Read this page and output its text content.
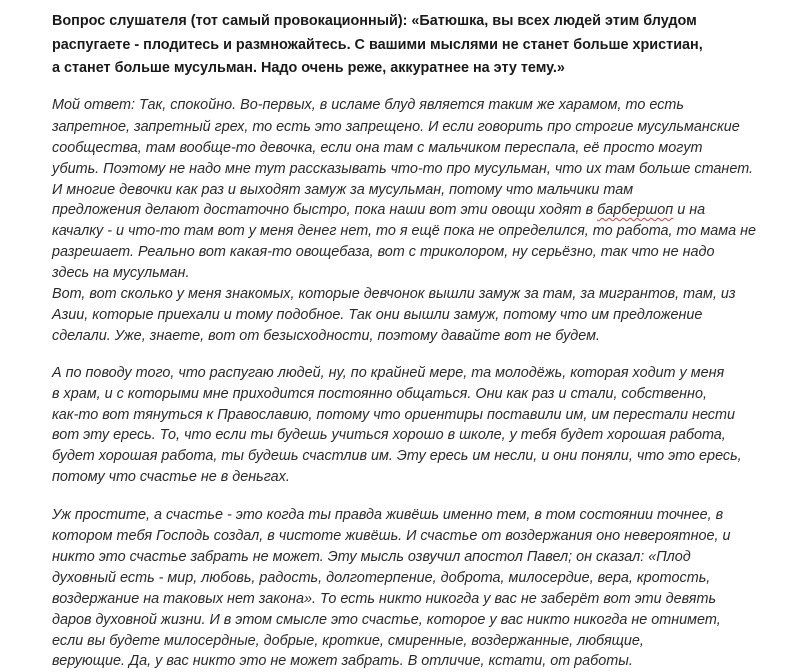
Вопрос слушателя (тот самый провокационный): «Батюшка, вы всех людей этим блудом

распугаете - плодитесь и размножайтесь. С вашими мыслями не станет больше христиан,

а станет больше мусульман. Надо очень реже, аккуратнее на эту тему.»

Мой ответ: Так, спокойно. Во-первых, в исламе блуд является таким же харамом, то есть

запретное, запретный грех, то есть это запрещено. И если говорить про строгие мусульманские

сообщества, там вообще-то девочка, если она там с мальчиком переспала, её просто могут

убить. Поэтому не надо мне тут рассказывать что-то про мусульман, что их там больше станет.

И многие девочки как раз и выходят замуж за мусульман, потому что мальчики там

предложения делают достаточно быстро, пока наши вот эти овощи ходят в барбершоп и на

качалку - и что-то там вот у меня денег нет, то я ещё пока не определился, то работа, то мама не

разрешает. Реально вот какая-то овощебаза, вот с триколором, ну серьёзно, так что не надо

здесь на мусульман.

Вот, вот сколько у меня знакомых, которые девчонок вышли замуж за там, за мигрантов, там, из

Азии, которые приехали и тому подобное. Так они вышли замуж, потому что им предложение

сделали. Уже, знаете, вот от безысходности, поэтому давайте вот не будем.

А по поводу того, что распугаю людей, ну, по крайней мере, та молодёжь, которая ходит у меня

в храм, и с которыми мне приходится постоянно общаться. Они как раз и стали, собственно,

как-то вот тянуться к Православию, потому что ориентиры поставили им, им перестали нести

вот эту ересь. То, что если ты будешь учиться хорошо в школе, у тебя будет хорошая работа,

будет хорошая работа, ты будешь счастлив им. Эту ересь им несли, и они поняли, что это ересь,

потому что счастье не в деньгах.

Уж простите, а счастье - это когда ты правда живёшь именно тем, в том состоянии точнее, в

котором тебя Господь создал, в чистоте живёшь. И счастье от воздержания оно невероятное, и

никто это счастье забрать не может. Эту мысль озвучил апостол Павел; он сказал: «Плод

духовный есть - мир, любовь, радость, долготерпение, доброта, милосердие, вера, кротость,

воздержание на таковых нет закона». То есть никто никогда у вас не заберёт вот эти девять

даров духовной жизни. И в этом смысле это счастье, которое у вас никто никогда не отнимет,

если вы будете милосердные, добрые, кроткие, смиренные, воздержанные, любящие,

верующие. Да, у вас никто это не может забрать. В отличие, кстати, от работы.
